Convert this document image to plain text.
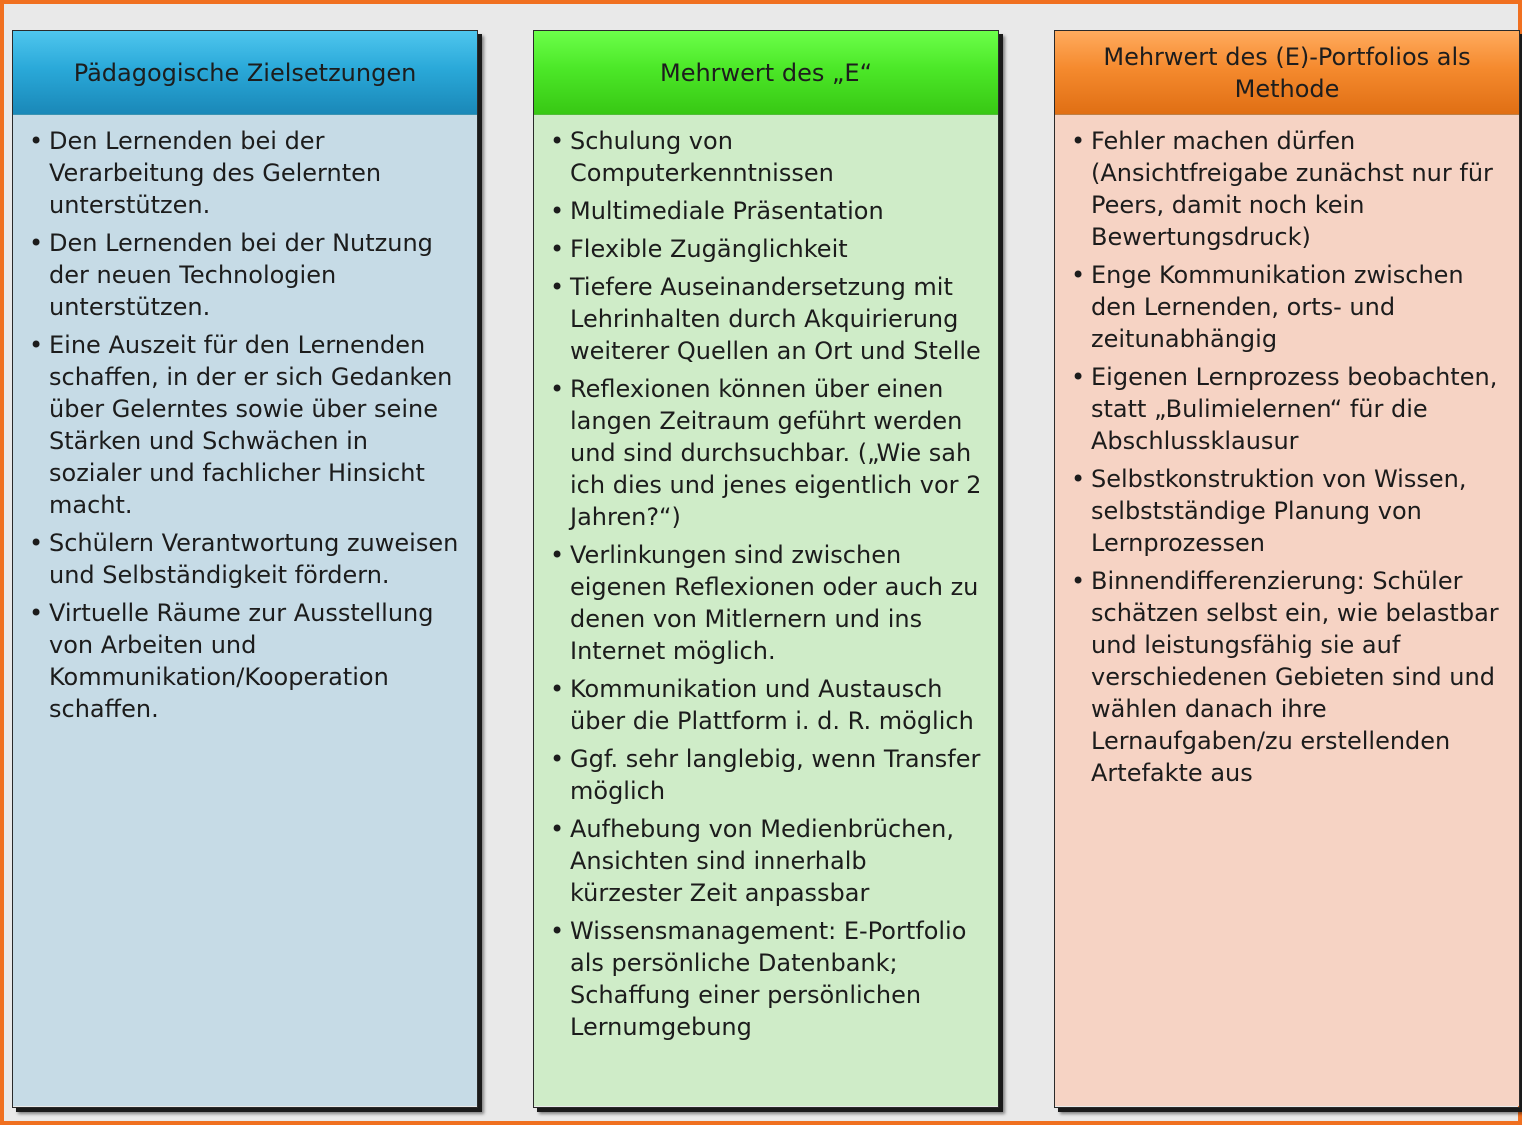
Pädagogische Zielsetzungen
• Den Lernenden bei der Verarbeitung des Gelernten unterstützen.
• Den Lernenden bei der Nutzung der neuen Technologien unterstützen.
• Eine Auszeit für den Lernenden schaffen, in der er sich Gedanken über Gelerntes sowie über seine Stärken und Schwächen in sozialer und fachlicher Hinsicht macht.
• Schülern Verantwortung zuweisen und Selbständigkeit fördern.
• Virtuelle Räume zur Ausstellung von Arbeiten und Kommunikation/Kooperation schaffen.
Mehrwert des „E“
• Schulung von Computerkenntnissen
• Multimediale Präsentation
• Flexible Zugänglichkeit
• Tiefere Auseinandersetzung mit Lehrinhalten durch Akquirierung weiterer Quellen an Ort und Stelle
• Reflexionen können über einen langen Zeitraum geführt werden und sind durchsuchbar. („Wie sah ich dies und jenes eigentlich vor 2 Jahren?“)
• Verlinkungen sind zwischen eigenen Reflexionen oder auch zu denen von Mitlernern und ins Internet möglich.
• Kommunikation und Austausch über die Plattform i. d. R. möglich
• Ggf. sehr langlebig, wenn Transfer möglich
• Aufhebung von Medienbrüchen, Ansichten sind innerhalb kürzester Zeit anpassbar
• Wissensmanagement: E-Portfolio als persönliche Datenbank; Schaffung einer persönlichen Lernumgebung
Mehrwert des (E)-Portfolios als Methode
• Fehler machen dürfen (Ansichtfreigabe zunächst nur für Peers, damit noch kein Bewertungsdruck)
• Enge Kommunikation zwischen den Lernenden, orts- und zeitunabhängig
• Eigenen Lernprozess beobachten, statt „Bulimielernen“ für die Abschlussklausur
• Selbstkonstruktion von Wissen, selbstständige Planung von Lernprozessen
• Binnendifferenzierung: Schüler schätzen selbst ein, wie belastbar und leistungsfähig sie auf verschiedenen Gebieten sind und wählen danach ihre Lernaufgaben/zu erstellenden Artefakte aus
